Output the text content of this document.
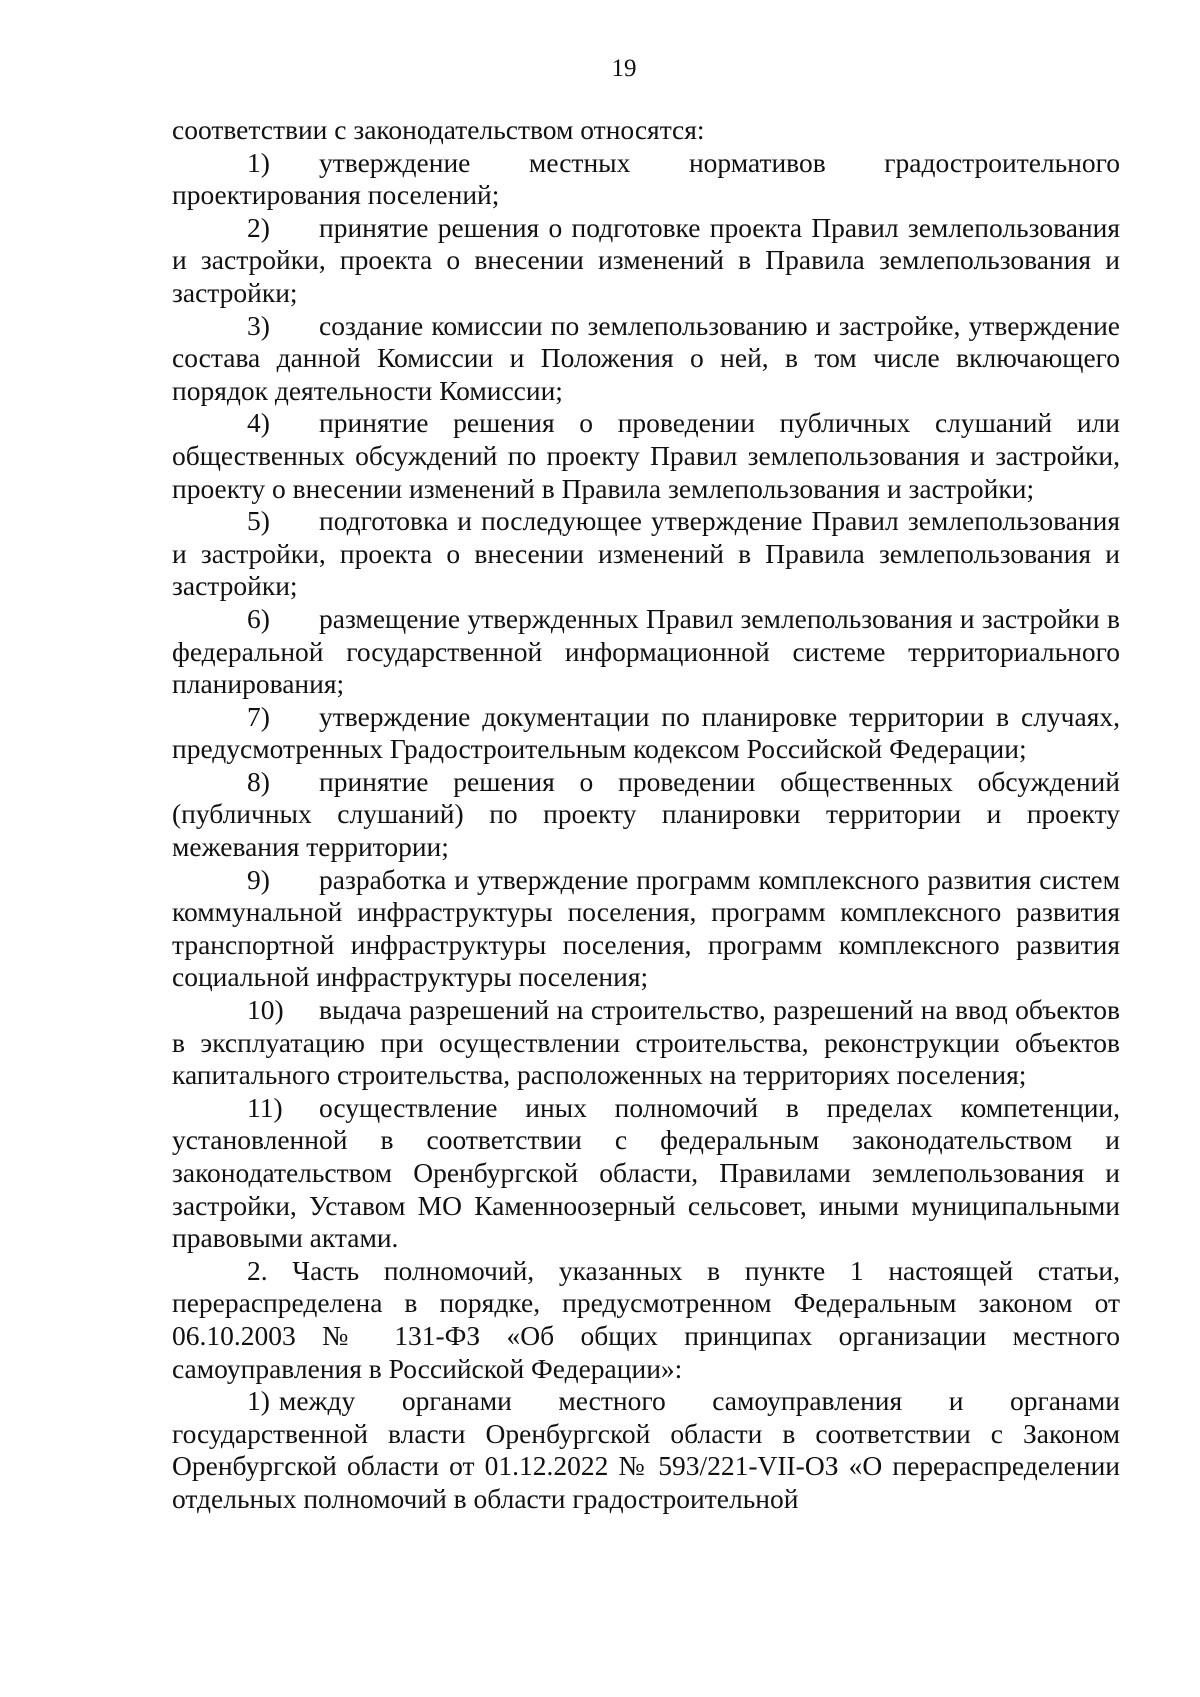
19

соответствии с законодательством относятся:

1) утверждение местных нормативов градостроительного проектирования поселений;

2) принятие решения о подготовке проекта Правил землепользования и застройки, проекта о внесении изменений в Правила землепользования и застройки;

3) создание комиссии по землепользованию и застройке, утверждение состава данной Комиссии и Положения о ней, в том числе включающего порядок деятельности Комиссии;

4) принятие решения о проведении публичных слушаний или общественных обсуждений по проекту Правил землепользования и застройки, проекту о внесении изменений в Правила землепользования и застройки;

5) подготовка и последующее утверждение Правил землепользования и застройки, проекта о внесении изменений в Правила землепользования и застройки;

6) размещение утвержденных Правил землепользования и застройки в федеральной государственной информационной системе территориального планирования;

7) утверждение документации по планировке территории в случаях, предусмотренных Градостроительным кодексом Российской Федерации;

8) принятие решения о проведении общественных обсуждений (публичных слушаний) по проекту планировки территории и проекту межевания территории;

9) разработка и утверждение программ комплексного развития систем коммунальной инфраструктуры поселения, программ комплексного развития транспортной инфраструктуры поселения, программ комплексного развития социальной инфраструктуры поселения;

10) выдача разрешений на строительство, разрешений на ввод объектов в эксплуатацию при осуществлении строительства, реконструкции объектов капитального строительства, расположенных на территориях поселения;

11) осуществление иных полномочий в пределах компетенции, установленной в соответствии с федеральным законодательством и законодательством Оренбургской области, Правилами землепользования и застройки, Уставом МО Каменноозерный сельсовет, иными муниципальными правовыми актами.

2. Часть полномочий, указанных в пункте 1 настоящей статьи, перераспределена в порядке, предусмотренном Федеральным законом от 06.10.2003 № 131-ФЗ «Об общих принципах организации местного самоуправления в Российской Федерации»:

1) между органами местного самоуправления и органами государственной власти Оренбургской области в соответствии с Законом Оренбургской области от 01.12.2022 № 593/221-VII-ОЗ «О перераспределении отдельных полномочий в области градостроительной
